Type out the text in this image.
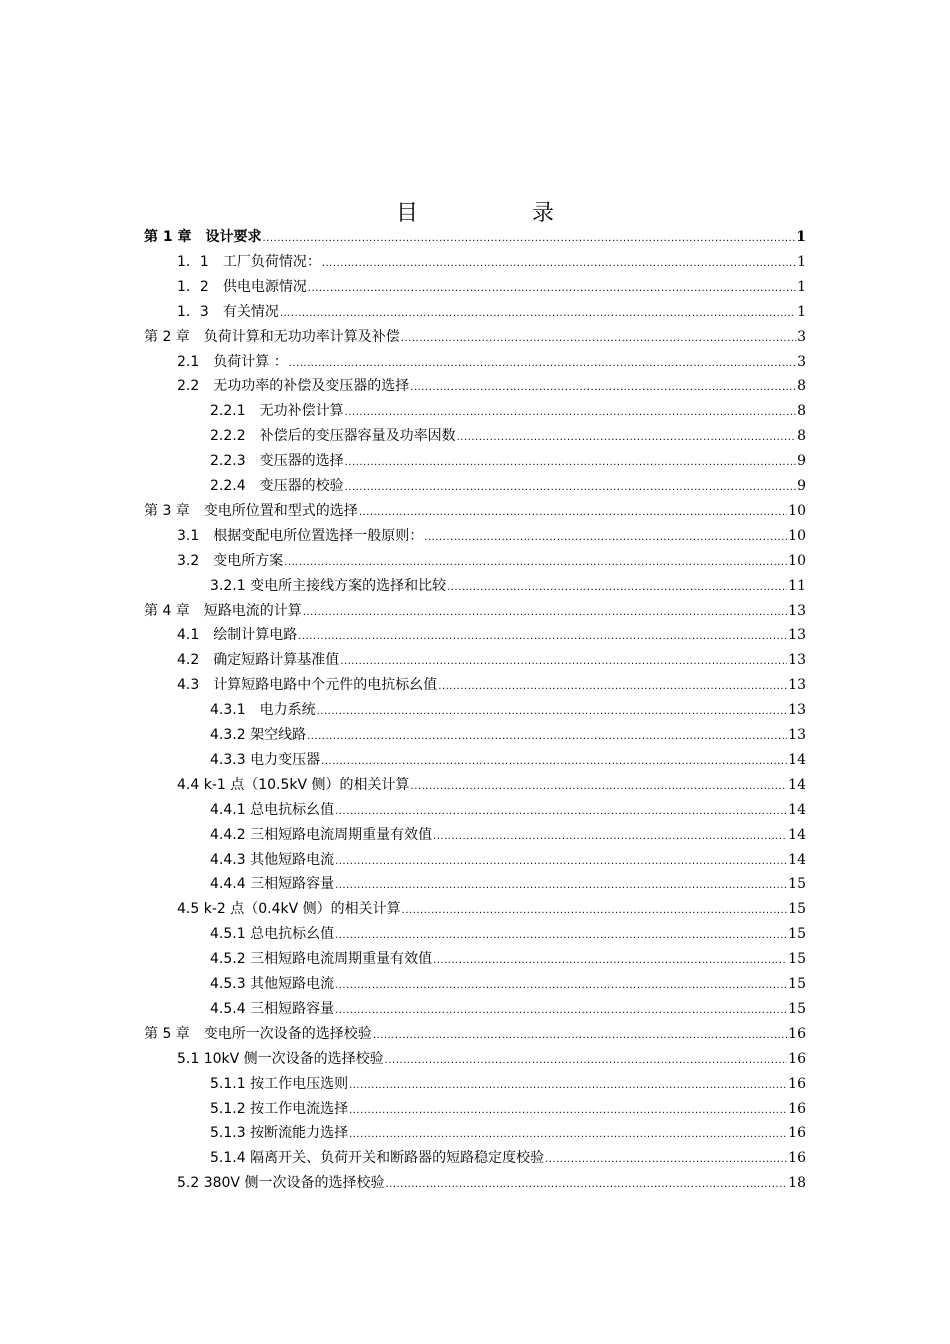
目　录
第 1 章　设计要求 .....	1
1．1　工厂负荷情况： .....	1
1．2　供电电源情况 .....	1
1．3　有关情况 .....	1
第 2 章　负荷计算和无功功率计算及补偿 .....	3
2.1　负荷计算 ： .....	3
2.2　无功功率的补偿及变压器的选择 .....	8
2.2.1　无功补偿计算 .....	8
2.2.2　补偿后的变压器容量及功率因数 .....	8
2.2.3　变压器的选择 .....	9
2.2.4　变压器的校验 .....	9
第 3 章　变电所位置和型式的选择 .....	10
3.1　根据变配电所位置选择一般原则： .....	10
3.2　变电所方案 .....	10
3.2.1 变电所主接线方案的选择和比较 .....	11
第 4 章　短路电流的计算 .....	13
4.1　绘制计算电路 .....	13
4.2　确定短路计算基准值 .....	13
4.3　计算短路电路中个元件的电抗标幺值 .....	13
4.3.1　电力系统 .....	13
4.3.2 架空线路 .....	13
4.3.3 电力变压器 .....	14
4.4 k-1 点（10.5kV 侧）的相关计算 .....	14
4.4.1 总电抗标幺值 .....	14
4.4.2 三相短路电流周期重量有效值 .....	14
4.4.3 其他短路电流 .....	14
4.4.4 三相短路容量 .....	15
4.5 k-2 点（0.4kV 侧）的相关计算 .....	15
4.5.1 总电抗标幺值 .....	15
4.5.2 三相短路电流周期重量有效值 .....	15
4.5.3 其他短路电流 .....	15
4.5.4 三相短路容量 .....	15
第 5 章　变电所一次设备的选择校验 .....	16
5.1 10kV 侧一次设备的选择校验 .....	16
5.1.1 按工作电压选则 .....	16
5.1.2 按工作电流选择 .....	16
5.1.3 按断流能力选择 .....	16
5.1.4 隔离开关、负荷开关和断路器的短路稳定度校验 .....	16
5.2 380V 侧一次设备的选择校验 .....	18
